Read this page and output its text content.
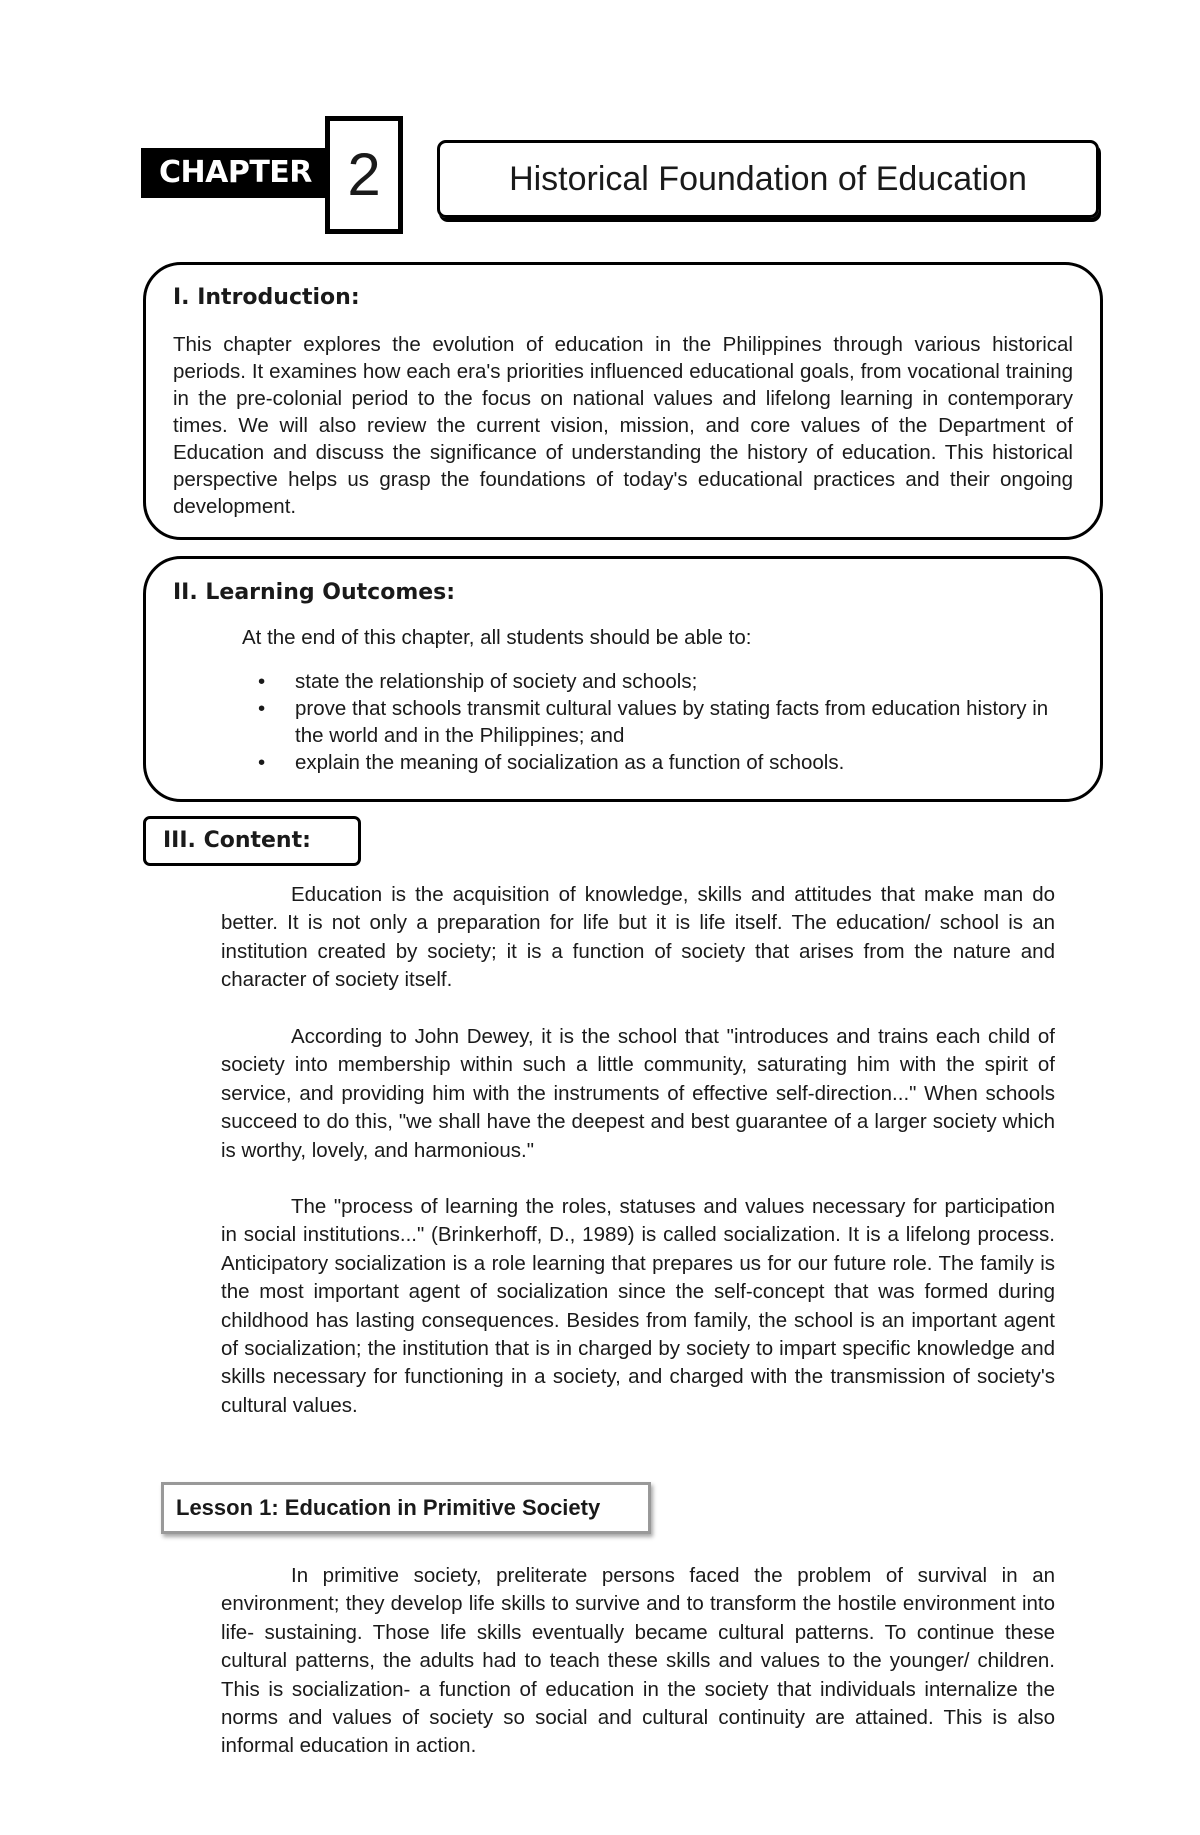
CHAPTER 2	Historical Foundation of Education
I. Introduction:

This chapter explores the evolution of education in the Philippines through various historical periods. It examines how each era's priorities influenced educational goals, from vocational training in the pre-colonial period to the focus on national values and lifelong learning in contemporary times. We will also review the current vision, mission, and core values of the Department of Education and discuss the significance of understanding the history of education. This historical perspective helps us grasp the foundations of today's educational practices and their ongoing development.

II. Learning Outcomes:
At the end of this chapter, all students should be able to:
• state the relationship of society and schools;
• prove that schools transmit cultural values by stating facts from education history in the world and in the Philippines; and
• explain the meaning of socialization as a function of schools.
III. Content:

Education is the acquisition of knowledge, skills and attitudes that make man do better. It is not only a preparation for life but it is life itself. The education/ school is an institution created by society; it is a function of society that arises from the nature and character of society itself.

According to John Dewey, it is the school that "introduces and trains each child of society into membership within such a little community, saturating him with the spirit of service, and providing him with the instruments of effective self-direction..." When schools succeed to do this, "we shall have the deepest and best guarantee of a larger society which is worthy, lovely, and harmonious."

The "process of learning the roles, statuses and values necessary for participation in social institutions..." (Brinkerhoff, D., 1989) is called socialization. It is a lifelong process. Anticipatory socialization is a role learning that prepares us for our future role. The family is the most important agent of socialization since the self-concept that was formed during childhood has lasting consequences. Besides from family, the school is an important agent of socialization; the institution that is in charged by society to impart specific knowledge and skills necessary for functioning in a society, and charged with the transmission of society's cultural values.

Lesson 1: Education in Primitive Society

In primitive society, preliterate persons faced the problem of survival in an environment; they develop life skills to survive and to transform the hostile environment into life- sustaining. Those life skills eventually became cultural patterns. To continue these cultural patterns, the adults had to teach these skills and values to the younger/ children. This is socialization- a function of education in the society that individuals internalize the norms and values of society so social and cultural continuity are attained. This is also informal education in action.
